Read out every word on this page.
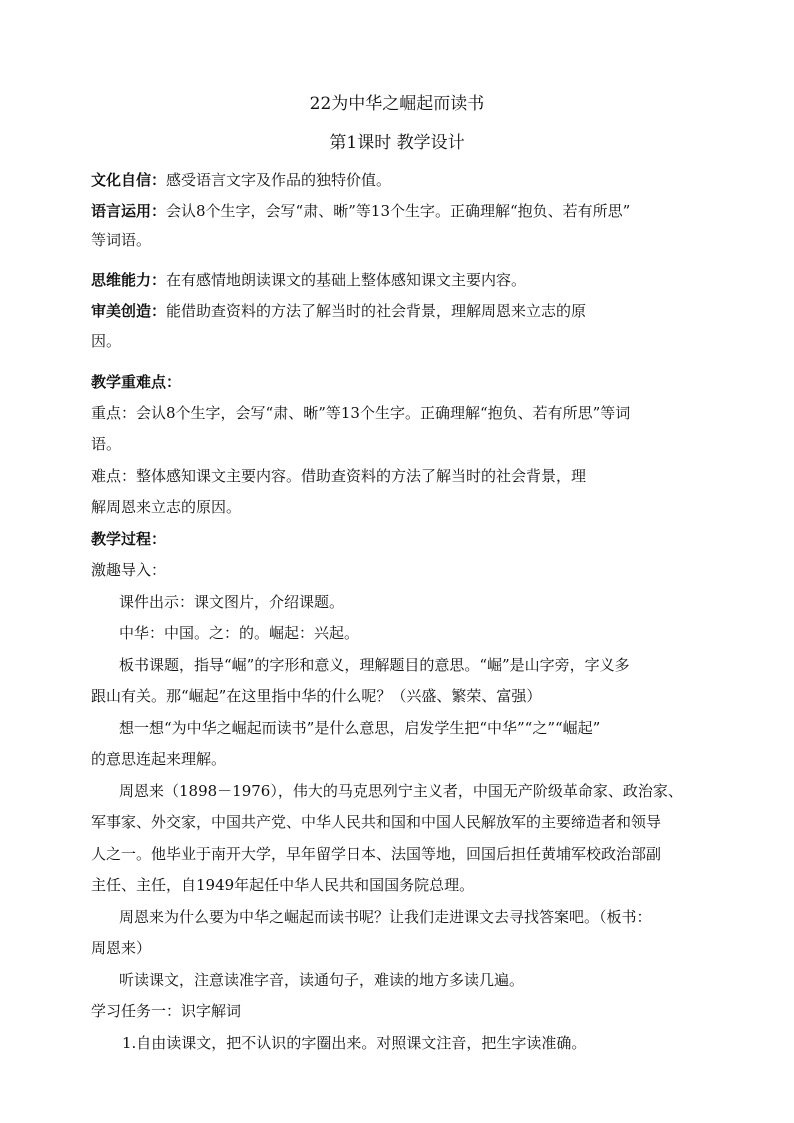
22为中华之崛起而读书
第1课时 教学设计

文化自信：感受语言文字及作品的独特价值。

语言运用：会认8个生字，会写“肃、晰”等13个生字。正确理解“抱负、若有所思”

等词语。

思维能力：在有感情地朗读课文的基础上整体感知课文主要内容。

审美创造：能借助查资料的方法了解当时的社会背景，理解周恩来立志的原

因。

教学重难点：

重点：会认8个生字，会写“肃、晰”等13个生字。正确理解“抱负、若有所思”等词

语。

难点：整体感知课文主要内容。借助查资料的方法了解当时的社会背景，理

解周恩来立志的原因。

教学过程：

激趣导入：

课件出示：课文图片，介绍课题。

中华：中国。之：的。崛起：兴起。

板书课题，指导“崛”的字形和意义，理解题目的意思。“崛”是山字旁，字义多

跟山有关。那“崛起”在这里指中华的什么呢？（兴盛、繁荣、富强）

想一想“为中华之崛起而读书”是什么意思，启发学生把“中华”“之”“崛起”

的意思连起来理解。

周恩来（1898－1976），伟大的马克思列宁主义者，中国无产阶级革命家、政治家、

军事家、外交家，中国共产党、中华人民共和国和中国人民解放军的主要缔造者和领导

人之一。他毕业于南开大学，早年留学日本、法国等地，回国后担任黄埔军校政治部副

主任、主任，自1949年起任中华人民共和国国务院总理。

周恩来为什么要为中华之崛起而读书呢？让我们走进课文去寻找答案吧。（板书：

周恩来）

听读课文，注意读准字音，读通句子，难读的地方多读几遍。

学习任务一：识字解词

1.自由读课文，把不认识的字圈出来。对照课文注音，把生字读准确。
